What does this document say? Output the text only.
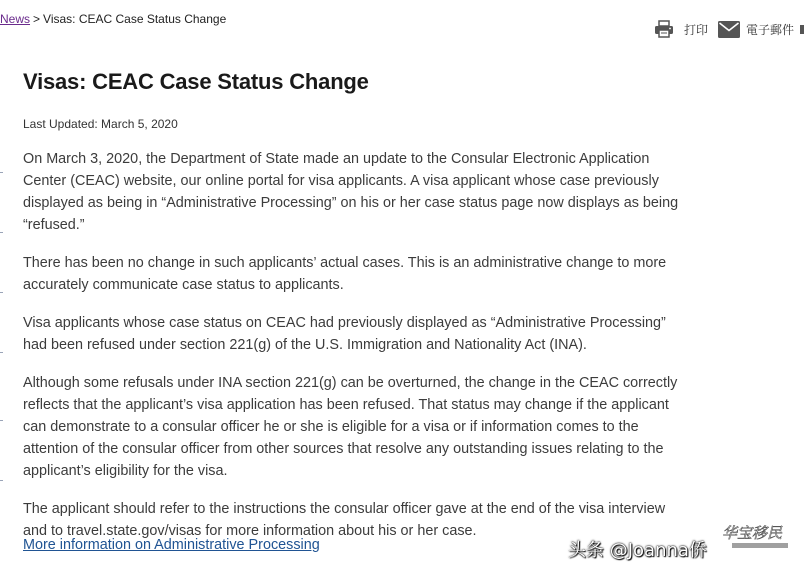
News > Visas: CEAC Case Status Change
打印	電子郵件
Visas: CEAC Case Status Change
Last Updated: March 5, 2020

On March 3, 2020, the Department of State made an update to the Consular Electronic Application Center (CEAC) website, our online portal for visa applicants. A visa applicant whose case previously displayed as being in “Administrative Processing” on his or her case status page now displays as being “refused.”

There has been no change in such applicants’ actual cases. This is an administrative change to more accurately communicate case status to applicants.

Visa applicants whose case status on CEAC had previously displayed as “Administrative Processing” had been refused under section 221(g) of the U.S. Immigration and Nationality Act (INA).

Although some refusals under INA section 221(g) can be overturned, the change in the CEAC correctly reflects that the applicant’s visa application has been refused. That status may change if the applicant can demonstrate to a consular officer he or she is eligible for a visa or if information comes to the attention of the consular officer from other sources that resolve any outstanding issues relating to the applicant’s eligibility for the visa.

The applicant should refer to the instructions the consular officer gave at the end of the visa interview and to travel.state.gov/visas for more information about his or her case.

More information on Administrative Processing	头条 @Joanna侨
华宝移民
